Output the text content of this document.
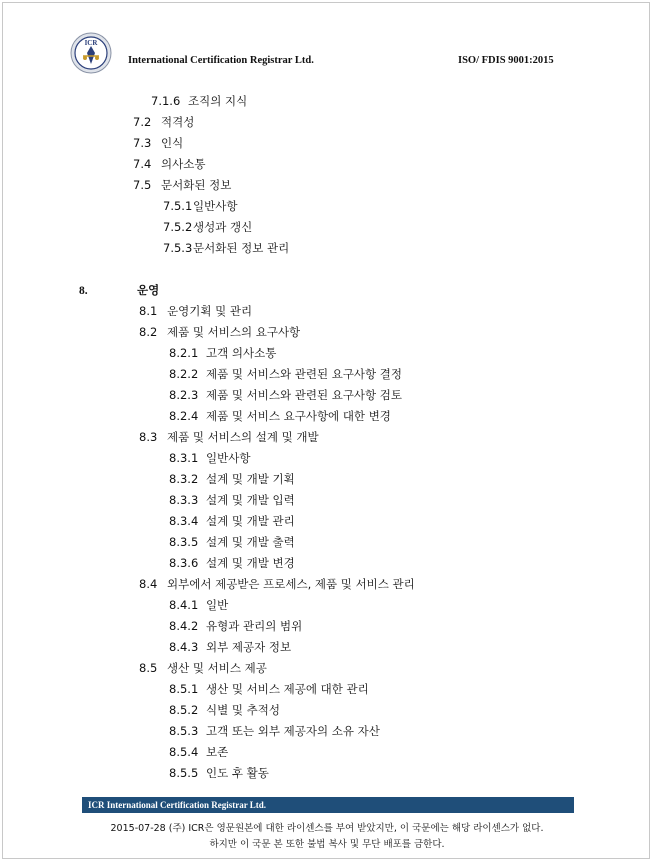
ICR
International Certification Registrar Ltd.	ISO/ FDIS 9001:2015
7.1.6 조직의 지식
7.2 적격성
7.3 인식
7.4 의사소통
7.5 문서화된 정보
7.5.1일반사항
7.5.2생성과 갱신
7.5.3문서화된 정보 관리
8.	운영
8.1 운영기획 및 관리
8.2 제품 및 서비스의 요구사항
8.2.1 고객 의사소통
8.2.2 제품 및 서비스와 관련된 요구사항 결정
8.2.3 제품 및 서비스와 관련된 요구사항 검토
8.2.4 제품 및 서비스 요구사항에 대한 변경
8.3 제품 및 서비스의 설계 및 개발
8.3.1 일반사항
8.3.2 설계 및 개발 기획
8.3.3 설계 및 개발 입력
8.3.4 설계 및 개발 관리
8.3.5 설계 및 개발 출력
8.3.6 설계 및 개발 변경
8.4 외부에서 제공받은 프로세스, 제품 및 서비스 관리
8.4.1 일반
8.4.2 유형과 관리의 범위
8.4.3 외부 제공자 정보
8.5 생산 및 서비스 제공
8.5.1 생산 및 서비스 제공에 대한 관리
8.5.2 식별 및 추적성
8.5.3 고객 또는 외부 제공자의 소유 자산
8.5.4 보존
8.5.5 인도 후 활동
ICR International Certification Registrar Ltd.
2015-07-28 (주) ICR은 영문원본에 대한 라이센스를 부여 받았지만, 이 국문에는 해당 라이센스가 없다.
하지만 이 국문 본 또한 불법 복사 및 무단 배포를 금한다.
